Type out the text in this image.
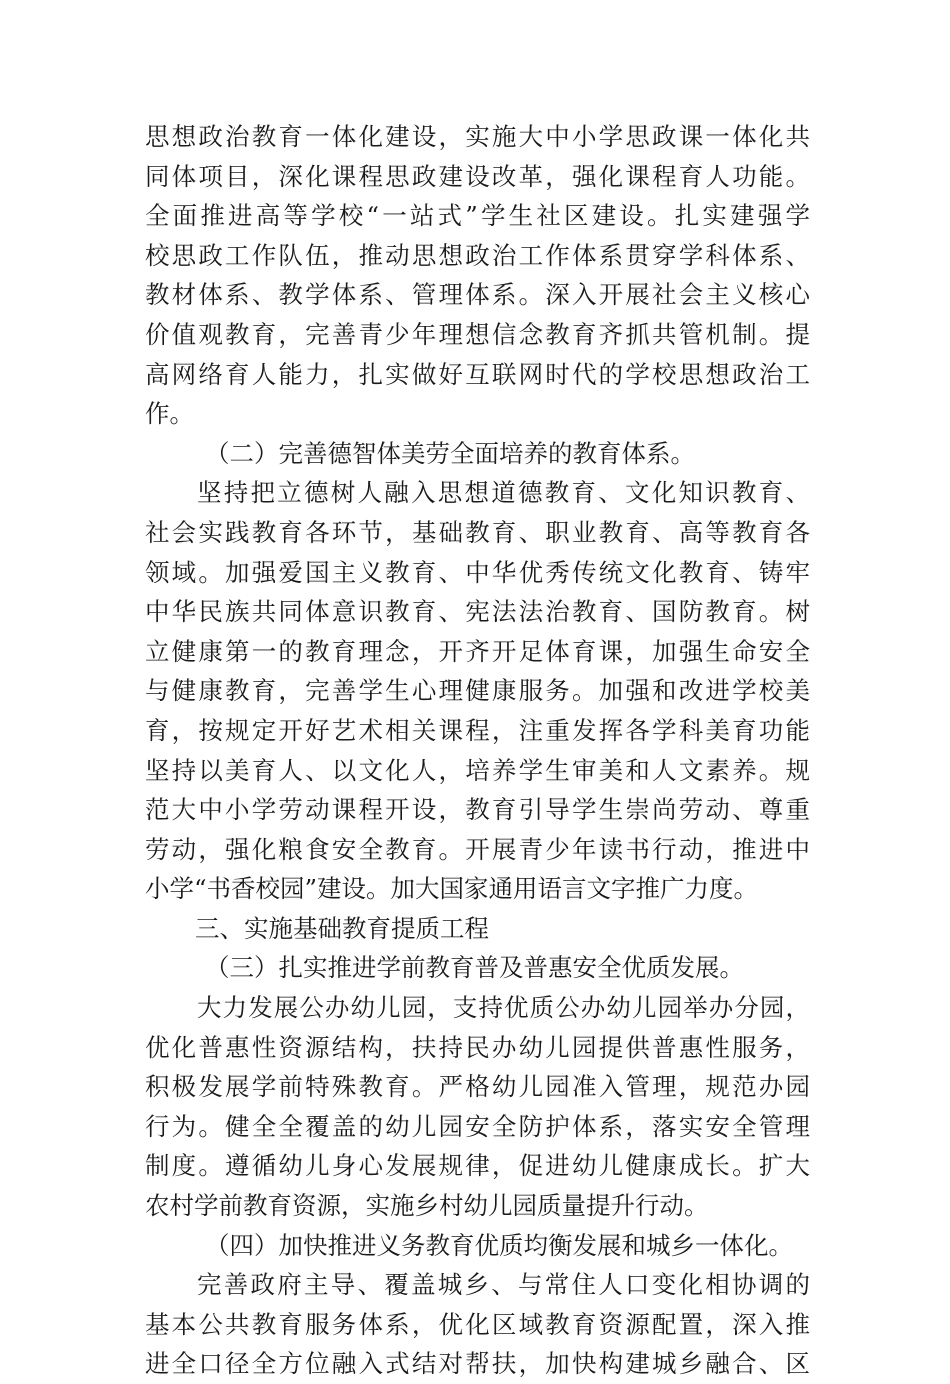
思想政治教育一体化建设，实施大中小学思政课一体化共
同体项目，深化课程思政建设改革，强化课程育人功能。
全面推进高等学校“一站式”学生社区建设。扎实建强学
校思政工作队伍，推动思想政治工作体系贯穿学科体系、
教材体系、教学体系、管理体系。深入开展社会主义核心
价值观教育，完善青少年理想信念教育齐抓共管机制。提
高网络育人能力，扎实做好互联网时代的学校思想政治工
作。
（二）完善德智体美劳全面培养的教育体系。
坚持把立德树人融入思想道德教育、文化知识教育、
社会实践教育各环节，基础教育、职业教育、高等教育各
领域。加强爱国主义教育、中华优秀传统文化教育、铸牢
中华民族共同体意识教育、宪法法治教育、国防教育。树
立健康第一的教育理念，开齐开足体育课，加强生命安全
与健康教育，完善学生心理健康服务。加强和改进学校美
育，按规定开好艺术相关课程，注重发挥各学科美育功能
坚持以美育人、以文化人，培养学生审美和人文素养。规
范大中小学劳动课程开设，教育引导学生崇尚劳动、尊重
劳动，强化粮食安全教育。开展青少年读书行动，推进中
小学“书香校园”建设。加大国家通用语言文字推广力度。
三、实施基础教育提质工程
（三）扎实推进学前教育普及普惠安全优质发展。
大力发展公办幼儿园，支持优质公办幼儿园举办分园，
优化普惠性资源结构，扶持民办幼儿园提供普惠性服务，
积极发展学前特殊教育。严格幼儿园准入管理，规范办园
行为。健全全覆盖的幼儿园安全防护体系，落实安全管理
制度。遵循幼儿身心发展规律，促进幼儿健康成长。扩大
农村学前教育资源，实施乡村幼儿园质量提升行动。
（四）加快推进义务教育优质均衡发展和城乡一体化。
完善政府主导、覆盖城乡、与常住人口变化相协调的
基本公共教育服务体系，优化区域教育资源配置，深入推
进全口径全方位融入式结对帮扶，加快构建城乡融合、区
